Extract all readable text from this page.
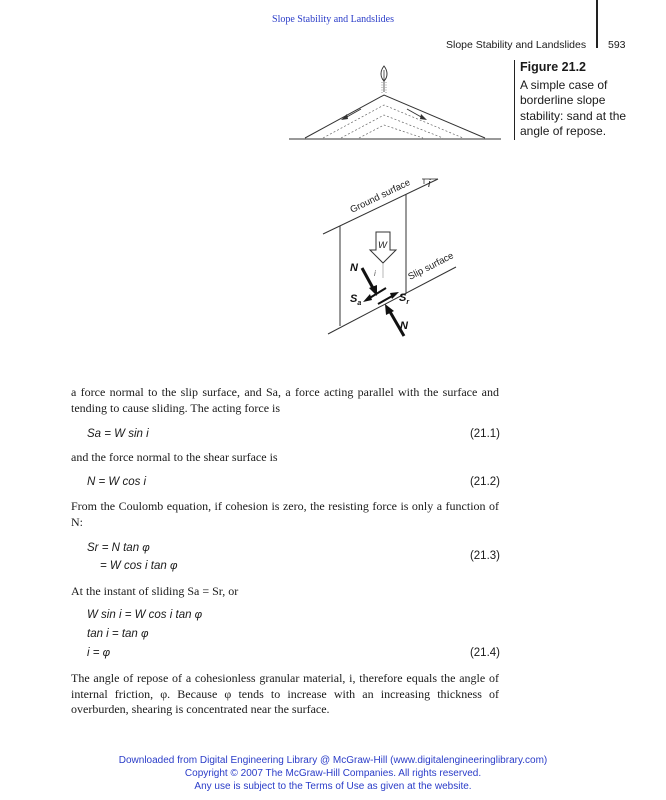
Slope Stability and Landslides
Slope Stability and Landslides 593
i
Ground surface
Slip surface
W
i
N
$S_a$	$S_r$
N
Figure 21.2
A simple case of borderline slope stability: sand at the angle of repose.
a force normal to the slip surface, and Sa, a force acting parallel with the surface and tending to cause sliding. The acting force is
Sa = W sin i	(21.1)
and the force normal to the shear surface is
N = W cos i	(21.2)
From the Coulomb equation, if cohesion is zero, the resisting force is only a function of N:
Sr = N tan φ
= W cos i tan φ
(21.3)
At the instant of sliding Sa = Sr, or
W sin i = W cos i tan φ
tan i = tan φ
i = φ	(21.4)
The angle of repose of a cohesionless granular material, i, therefore equals the angle of internal friction, φ. Because φ tends to increase with an increasing thickness of overburden, shearing is concentrated near the surface.
Downloaded from Digital Engineering Library @ McGraw-Hill (www.digitalengineeringlibrary.com)
Copyright © 2007 The McGraw-Hill Companies. All rights reserved.
Any use is subject to the Terms of Use as given at the website.
